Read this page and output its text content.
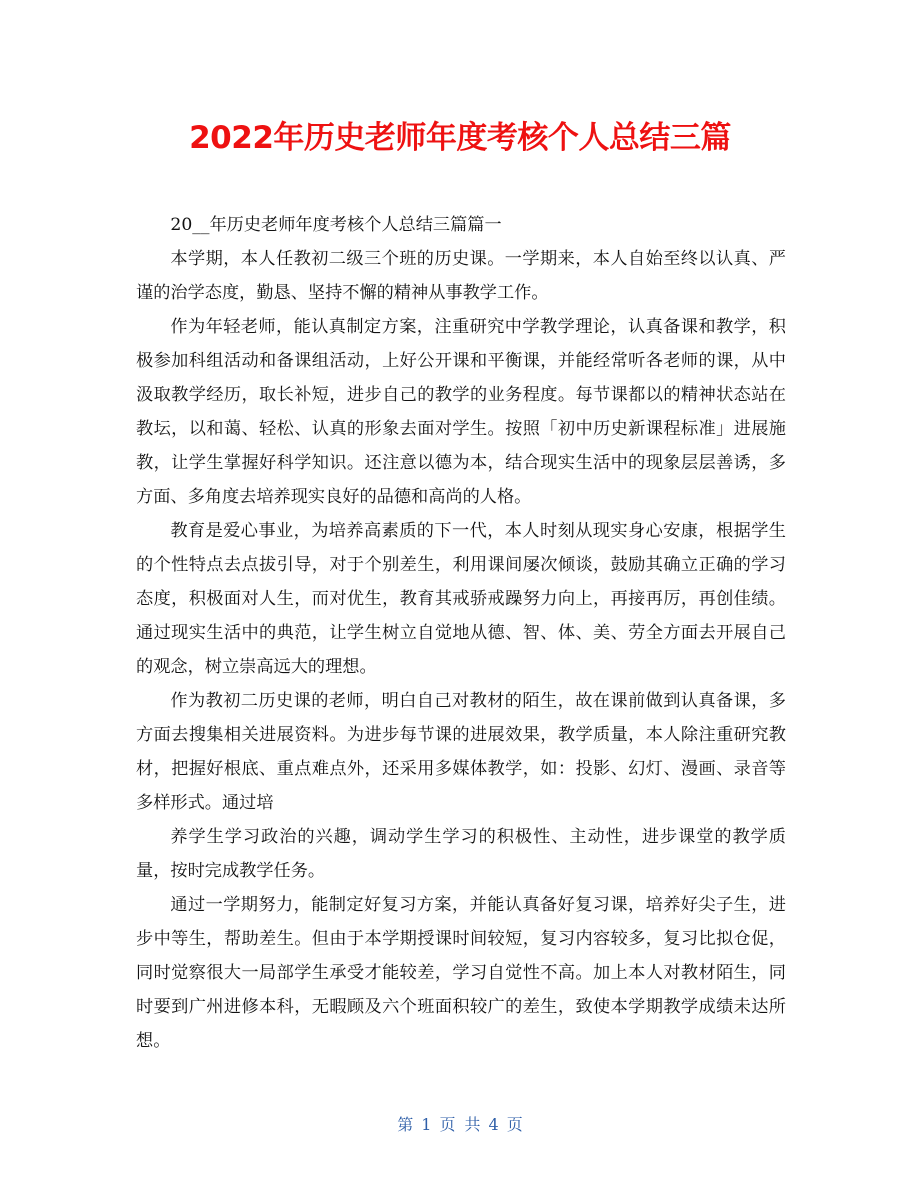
2022年历史老师年度考核个人总结三篇

20__年历史老师年度考核个人总结三篇篇一

本学期，本人任教初二级三个班的历史课。一学期来，本人自始至终以认真、严谨的治学态度，勤恳、坚持不懈的精神从事教学工作。

作为年轻老师，能认真制定方案，注重研究中学教学理论，认真备课和教学，积极参加科组活动和备课组活动，上好公开课和平衡课，并能经常听各老师的课，从中汲取教学经历，取长补短，进步自己的教学的业务程度。每节课都以的精神状态站在教坛，以和蔼、轻松、认真的形象去面对学生。按照「初中历史新课程标准」进展施教，让学生掌握好科学知识。还注意以德为本，结合现实生活中的现象层层善诱，多方面、多角度去培养现实良好的品德和高尚的人格。

教育是爱心事业，为培养高素质的下一代，本人时刻从现实身心安康，根据学生的个性特点去点拔引导，对于个别差生，利用课间屡次倾谈，鼓励其确立正确的学习态度，积极面对人生，而对优生，教育其戒骄戒躁努力向上，再接再厉，再创佳绩。通过现实生活中的典范，让学生树立自觉地从德、智、体、美、劳全方面去开展自己的观念，树立崇高远大的理想。

作为教初二历史课的老师，明白自己对教材的陌生，故在课前做到认真备课，多方面去搜集相关进展资料。为进步每节课的进展效果，教学质量，本人除注重研究教材，把握好根底、重点难点外，还采用多媒体教学，如：投影、幻灯、漫画、录音等多样形式。通过培

养学生学习政治的兴趣，调动学生学习的积极性、主动性，进步课堂的教学质量，按时完成教学任务。

通过一学期努力，能制定好复习方案，并能认真备好复习课，培养好尖子生，进步中等生，帮助差生。但由于本学期授课时间较短，复习内容较多，复习比拟仓促，同时觉察很大一局部学生承受才能较差，学习自觉性不高。加上本人对教材陌生，同时要到广州进修本科，无暇顾及六个班面积较广的差生，致使本学期教学成绩未达所想。

第 1 页 共 4 页
